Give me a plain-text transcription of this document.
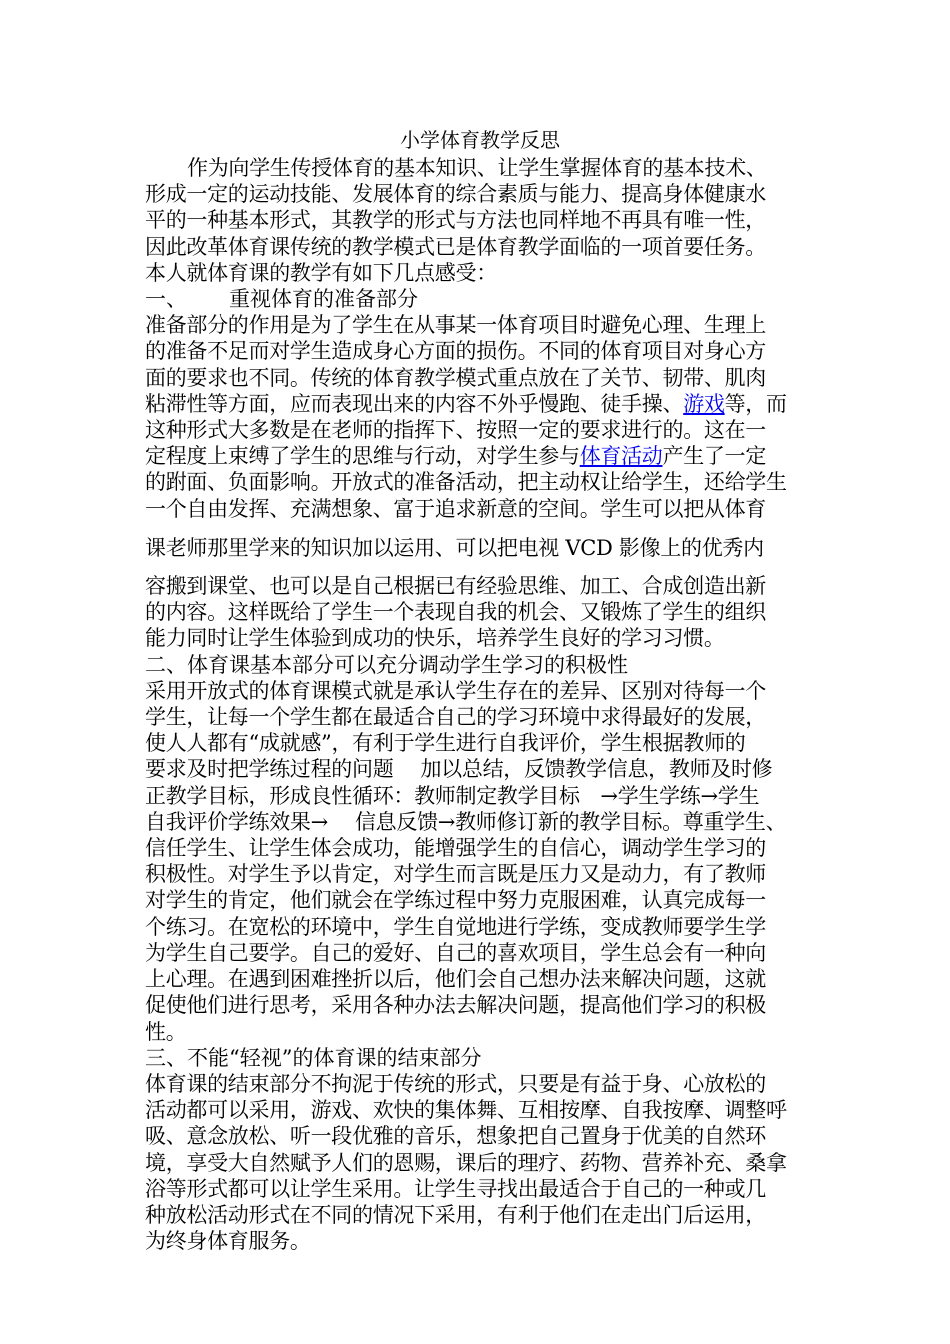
小学体育教学反思

作为向学生传授体育的基本知识、让学生掌握体育的基本技术、

形成一定的运动技能、发展体育的综合素质与能力、提高身体健康水

平的一种基本形式，其教学的形式与方法也同样地不再具有唯一性，

因此改革体育课传统的教学模式已是体育教学面临的一项首要任务。

本人就体育课的教学有如下几点感受：

一、 重视体育的准备部分

准备部分的作用是为了学生在从事某一体育项目时避免心理、生理上

的准备不足而对学生造成身心方面的损伤。不同的体育项目对身心方

面的要求也不同。传统的体育教学模式重点放在了关节、韧带、肌肉

粘滞性等方面，应而表现出来的内容不外乎慢跑、徒手操、游戏等，而

这种形式大多数是在老师的指挥下、按照一定的要求进行的。这在一

定程度上束缚了学生的思维与行动，对学生参与体育活动产生了一定

的跗面、负面影响。开放式的准备活动，把主动权让给学生，还给学生

一个自由发挥、充满想象、富于追求新意的空间。学生可以把从体育

课老师那里学来的知识加以运用、可以把电视 VCD 影像上的优秀内

容搬到课堂、也可以是自己根据已有经验思维、加工、合成创造出新

的内容。这样既给了学生一个表现自我的机会、又锻炼了学生的组织

能力同时让学生体验到成功的快乐，培养学生良好的学习习惯。

二、体育课基本部分可以充分调动学生学习的积极性

采用开放式的体育课模式就是承认学生存在的差异、区别对待每一个

学生，让每一个学生都在最适合自己的学习环境中求得最好的发展，

使人人都有“成就感”，有利于学生进行自我评价，学生根据教师的

要求及时把学练过程的问题　 加以总结，反馈教学信息，教师及时修

正教学目标，形成良性循环：教师制定教学目标　→学生学练→学生

自我评价学练效果→　 信息反馈→教师修订新的教学目标。尊重学生、

信任学生、让学生体会成功，能增强学生的自信心，调动学生学习的

积极性。对学生予以肯定，对学生而言既是压力又是动力，有了教师

对学生的肯定，他们就会在学练过程中努力克服困难，认真完成每一

个练习。在宽松的环境中，学生自觉地进行学练，变成教师要学生学

为学生自己要学。自己的爱好、自己的喜欢项目，学生总会有一种向

上心理。在遇到困难挫折以后，他们会自己想办法来解决问题，这就

促使他们进行思考，采用各种办法去解决问题，提高他们学习的积极

性。

三、不能“轻视”的体育课的结束部分

体育课的结束部分不拘泥于传统的形式，只要是有益于身、心放松的

活动都可以采用，游戏、欢快的集体舞、互相按摩、自我按摩、调整呼

吸、意念放松、听一段优雅的音乐，想象把自己置身于优美的自然环

境，享受大自然赋予人们的恩赐，课后的理疗、药物、营养补充、桑拿

浴等形式都可以让学生采用。让学生寻找出最适合于自己的一种或几

种放松活动形式在不同的情况下采用，有利于他们在走出门后运用，

为终身体育服务。
